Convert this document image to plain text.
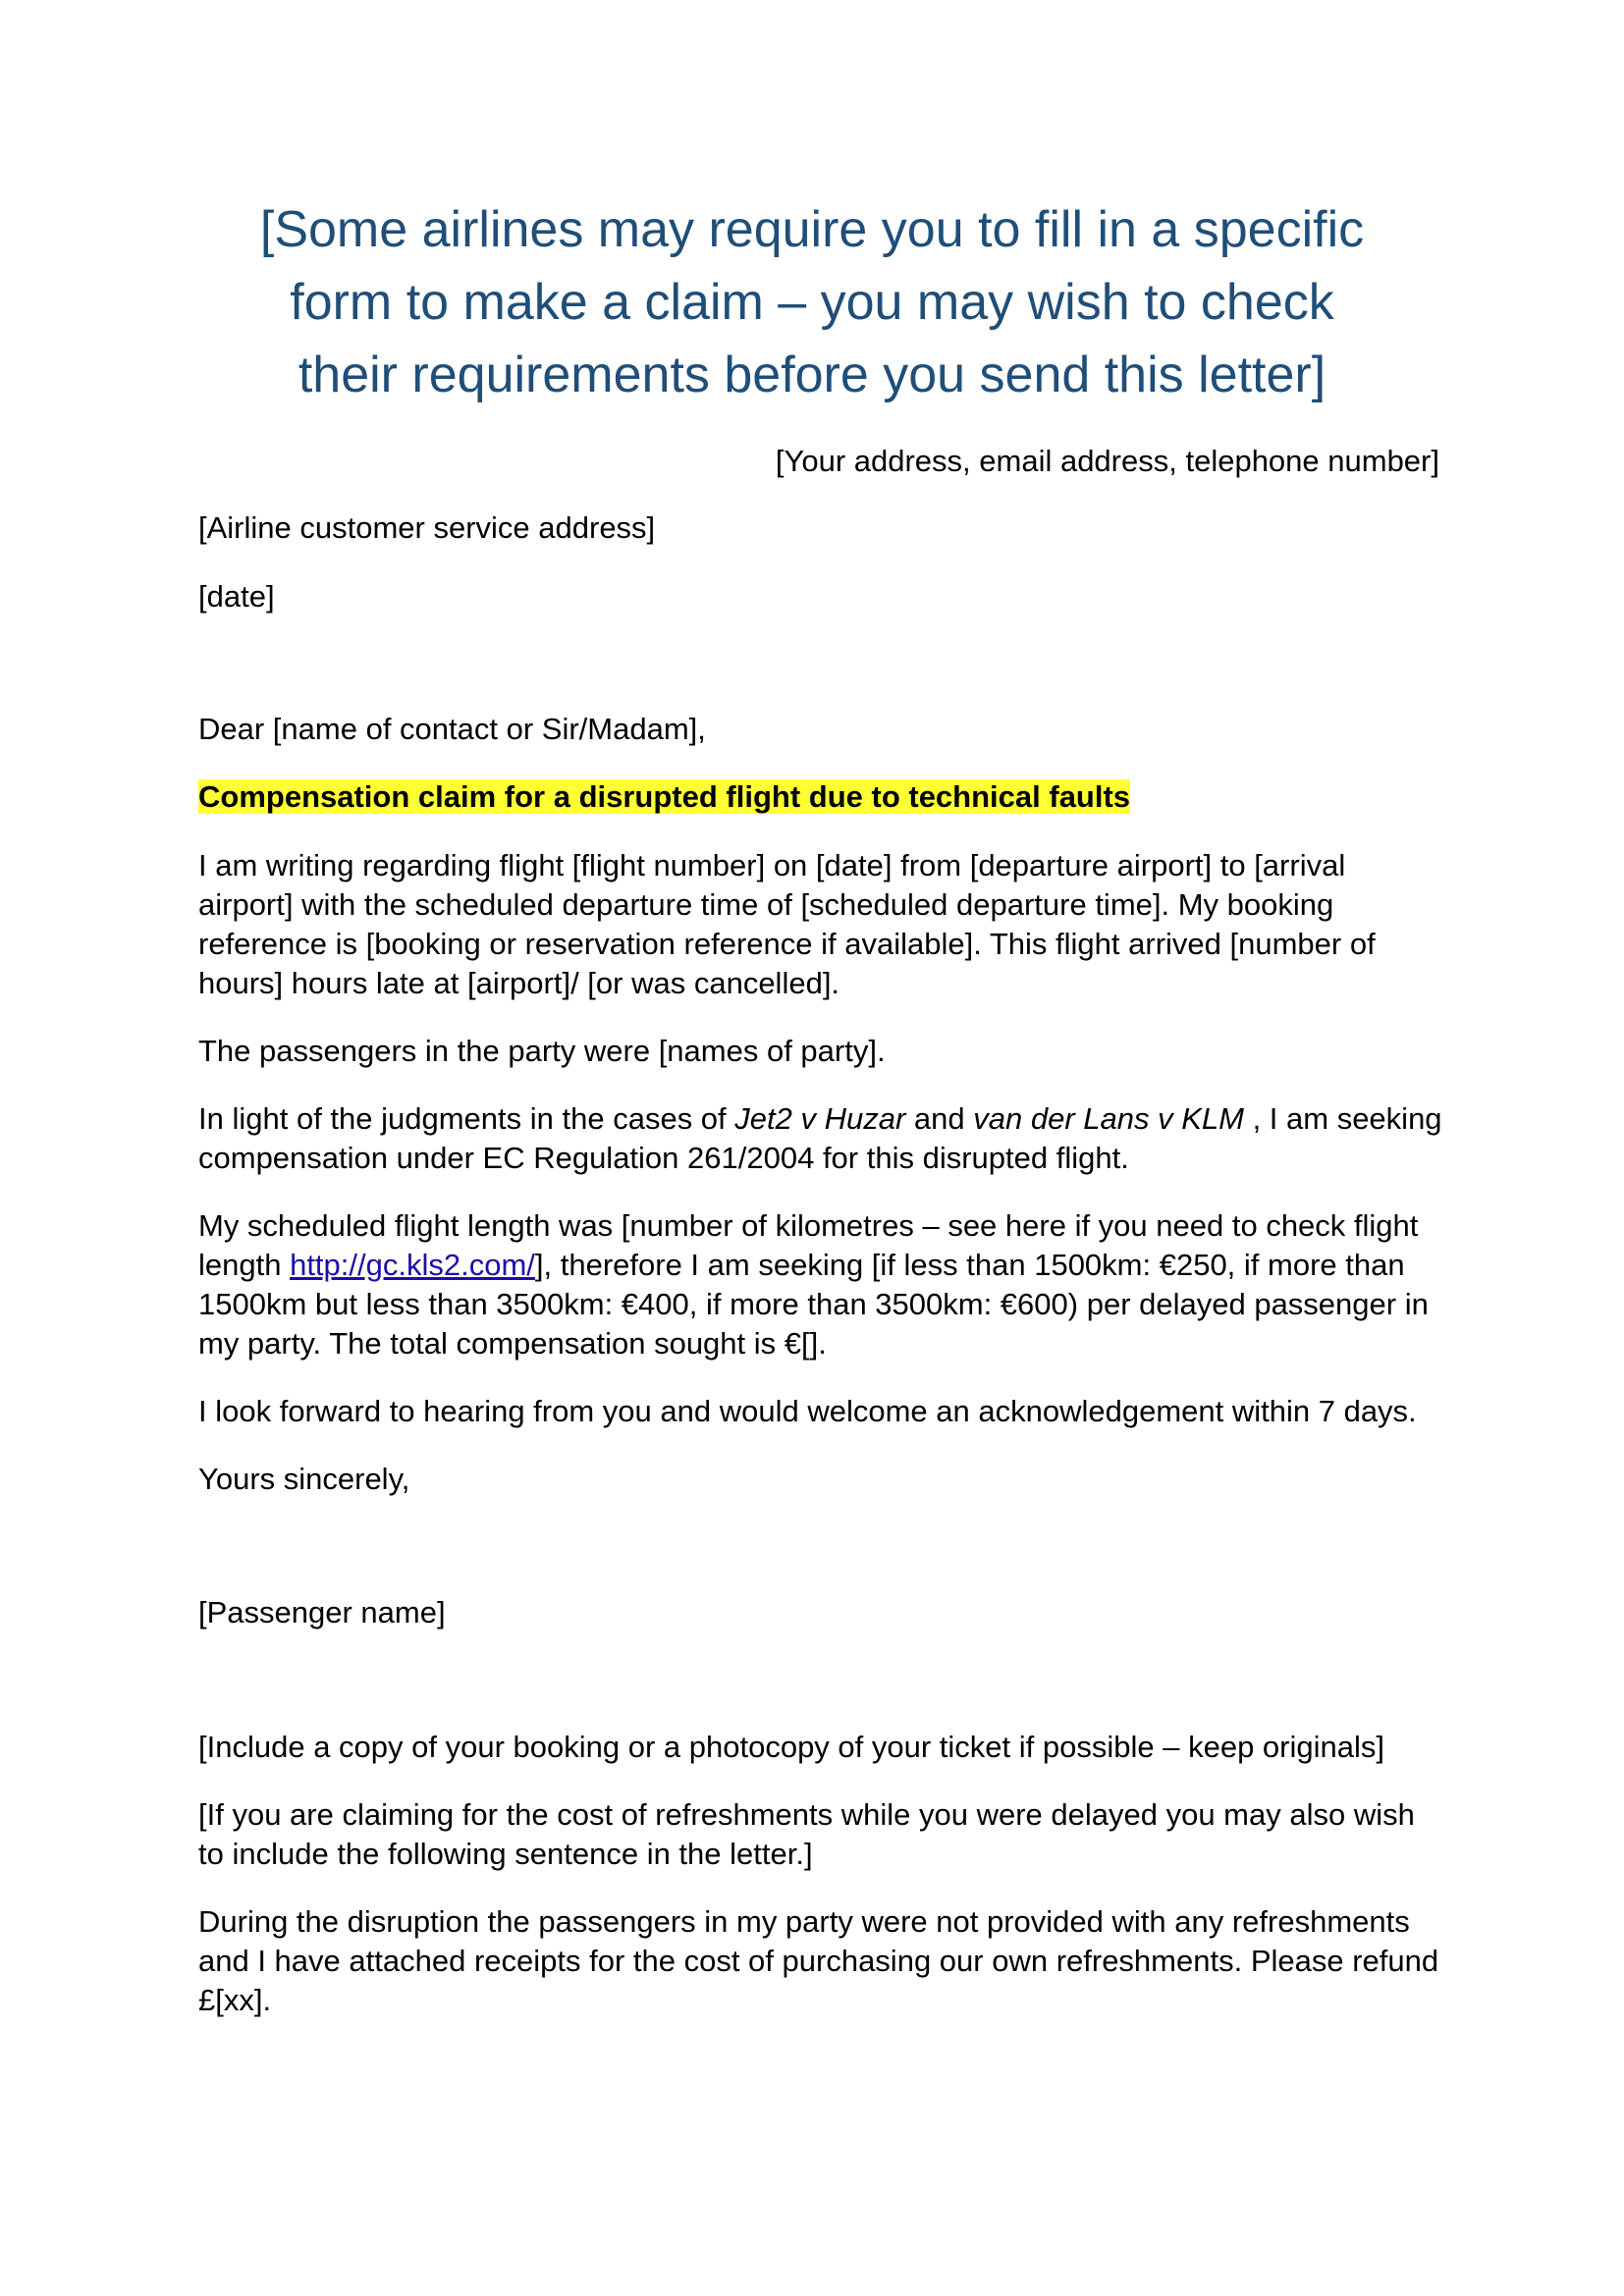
[Some airlines may require you to fill in a specific
form to make a claim – you may wish to check
their requirements before you send this letter]

[Your address, email address, telephone number]

[Airline customer service address]

[date]

Dear [name of contact or Sir/Madam],

Compensation claim for a disrupted flight due to technical faults

I am writing regarding flight [flight number] on [date] from [departure airport] to [arrival
airport] with the scheduled departure time of [scheduled departure time]. My booking
reference is [booking or reservation reference if available]. This flight arrived [number of
hours] hours late at [airport]/ [or was cancelled].

The passengers in the party were [names of party].

In light of the judgments in the cases of Jet2 v Huzar and van der Lans v KLM , I am seeking
compensation under EC Regulation 261/2004 for this disrupted flight.
My scheduled flight length was [number of kilometres – see here if you need to check flight
length http://gc.kls2.com/], therefore I am seeking [if less than 1500km: €250, if more than
1500km but less than 3500km: €400, if more than 3500km: €600) per delayed passenger in
my party. The total compensation sought is €[].

I look forward to hearing from you and would welcome an acknowledgement within 7 days.

Yours sincerely,

[Passenger name]

[Include a copy of your booking or a photocopy of your ticket if possible – keep originals]

[If you are claiming for the cost of refreshments while you were delayed you may also wish
to include the following sentence in the letter.]
During the disruption the passengers in my party were not provided with any refreshments
and I have attached receipts for the cost of purchasing our own refreshments. Please refund
£[xx].
